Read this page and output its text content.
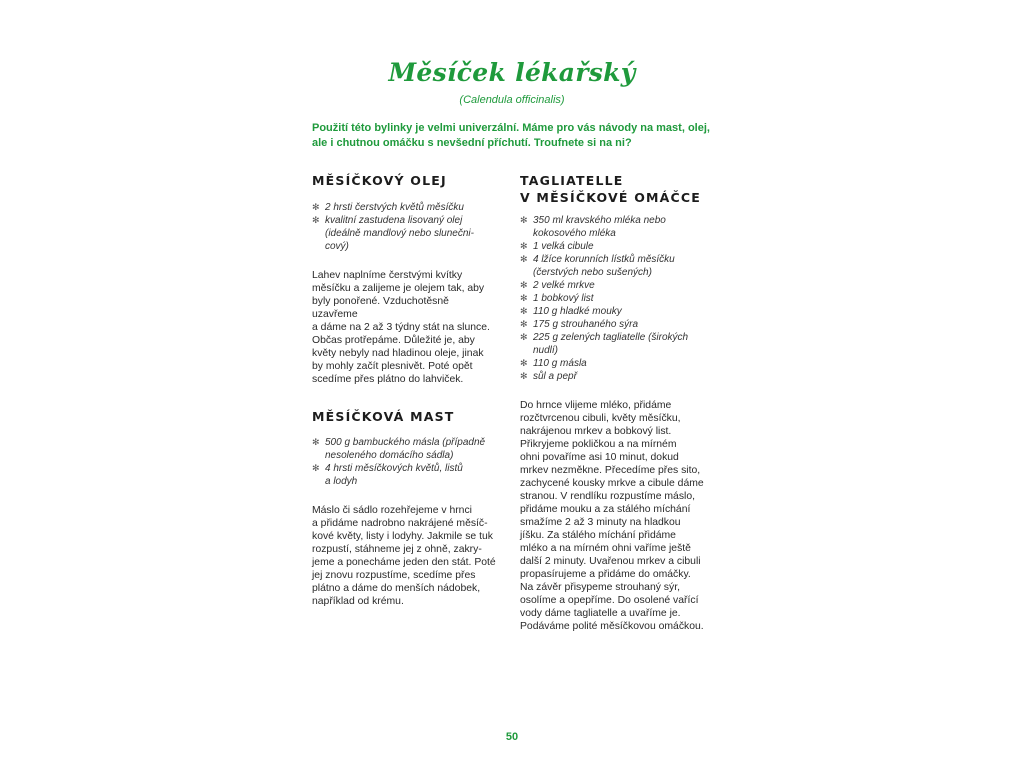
Měsíček lékařský
(Calendula officinalis)
Použití této bylinky je velmi univerzální. Máme pro vás návody na mast, olej, ale i chutnou omáčku s nevšední příchutí. Troufnete si na ni?
MĚSÍČKOVÝ OLEJ
✻ 2 hrsti čerstvých květů měsíčku
✻ kvalitní zastudena lisovaný olej
(ideálně mandlový nebo slunečni-
cový)

Lahev naplníme čerstvými kvítky
měsíčku a zalijeme je olejem tak, aby
byly ponořené. Vzduchotěsně uzavřeme
a dáme na 2 až 3 týdny stát na slunce.
Občas protřepáme. Důležité je, aby
květy nebyly nad hladinou oleje, jinak
by mohly začít plesnivět. Poté opět
scedíme přes plátno do lahviček.

MĚSÍČKOVÁ MAST
✻ 500 g bambuckého másla (případně
nesoleného domácího sádla)
✻ 4 hrsti měsíčkových květů, listů
a lodyh

Máslo či sádlo rozehřejeme v hrnci
a přidáme nadrobno nakrájené měsíč-
kové květy, listy i lodyhy. Jakmile se tuk
rozpustí, stáhneme jej z ohně, zakry-
jeme a ponecháme jeden den stát. Poté
jej znovu rozpustíme, scedíme přes
plátno a dáme do menších nádobek,
například od krému.

TAGLIATELLE
V MĚSÍČKOVÉ OMÁČCE
✻ 350 ml kravského mléka nebo
kokosového mléka
✻ 1 velká cibule
✻ 4 lžíce korunních lístků měsíčku
(čerstvých nebo sušených)
✻ 2 velké mrkve
✻ 1 bobkový list
✻ 110 g hladké mouky
✻ 175 g strouhaného sýra
✻ 225 g zelených tagliatelle (širokých
nudlí)
✻ 110 g másla
✻ sůl a pepř

Do hrnce vlijeme mléko, přidáme
rozčtvrcenou cibuli, květy měsíčku,
nakrájenou mrkev a bobkový list.
Přikryjeme pokličkou a na mírném
ohni povaříme asi 10 minut, dokud
mrkev nezměkne. Přecedíme přes sito,
zachycené kousky mrkve a cibule dáme
stranou. V rendlíku rozpustíme máslo,
přidáme mouku a za stálého míchání
smažíme 2 až 3 minuty na hladkou
jíšku. Za stálého míchání přidáme
mléko a na mírném ohni vaříme ještě
další 2 minuty. Uvařenou mrkev a cibuli
propasírujeme a přidáme do omáčky.
Na závěr přisypeme strouhaný sýr,
osolíme a opepříme. Do osolené vařící
vody dáme tagliatelle a uvaříme je.
Podáváme polité měsíčkovou omáčkou.

50
